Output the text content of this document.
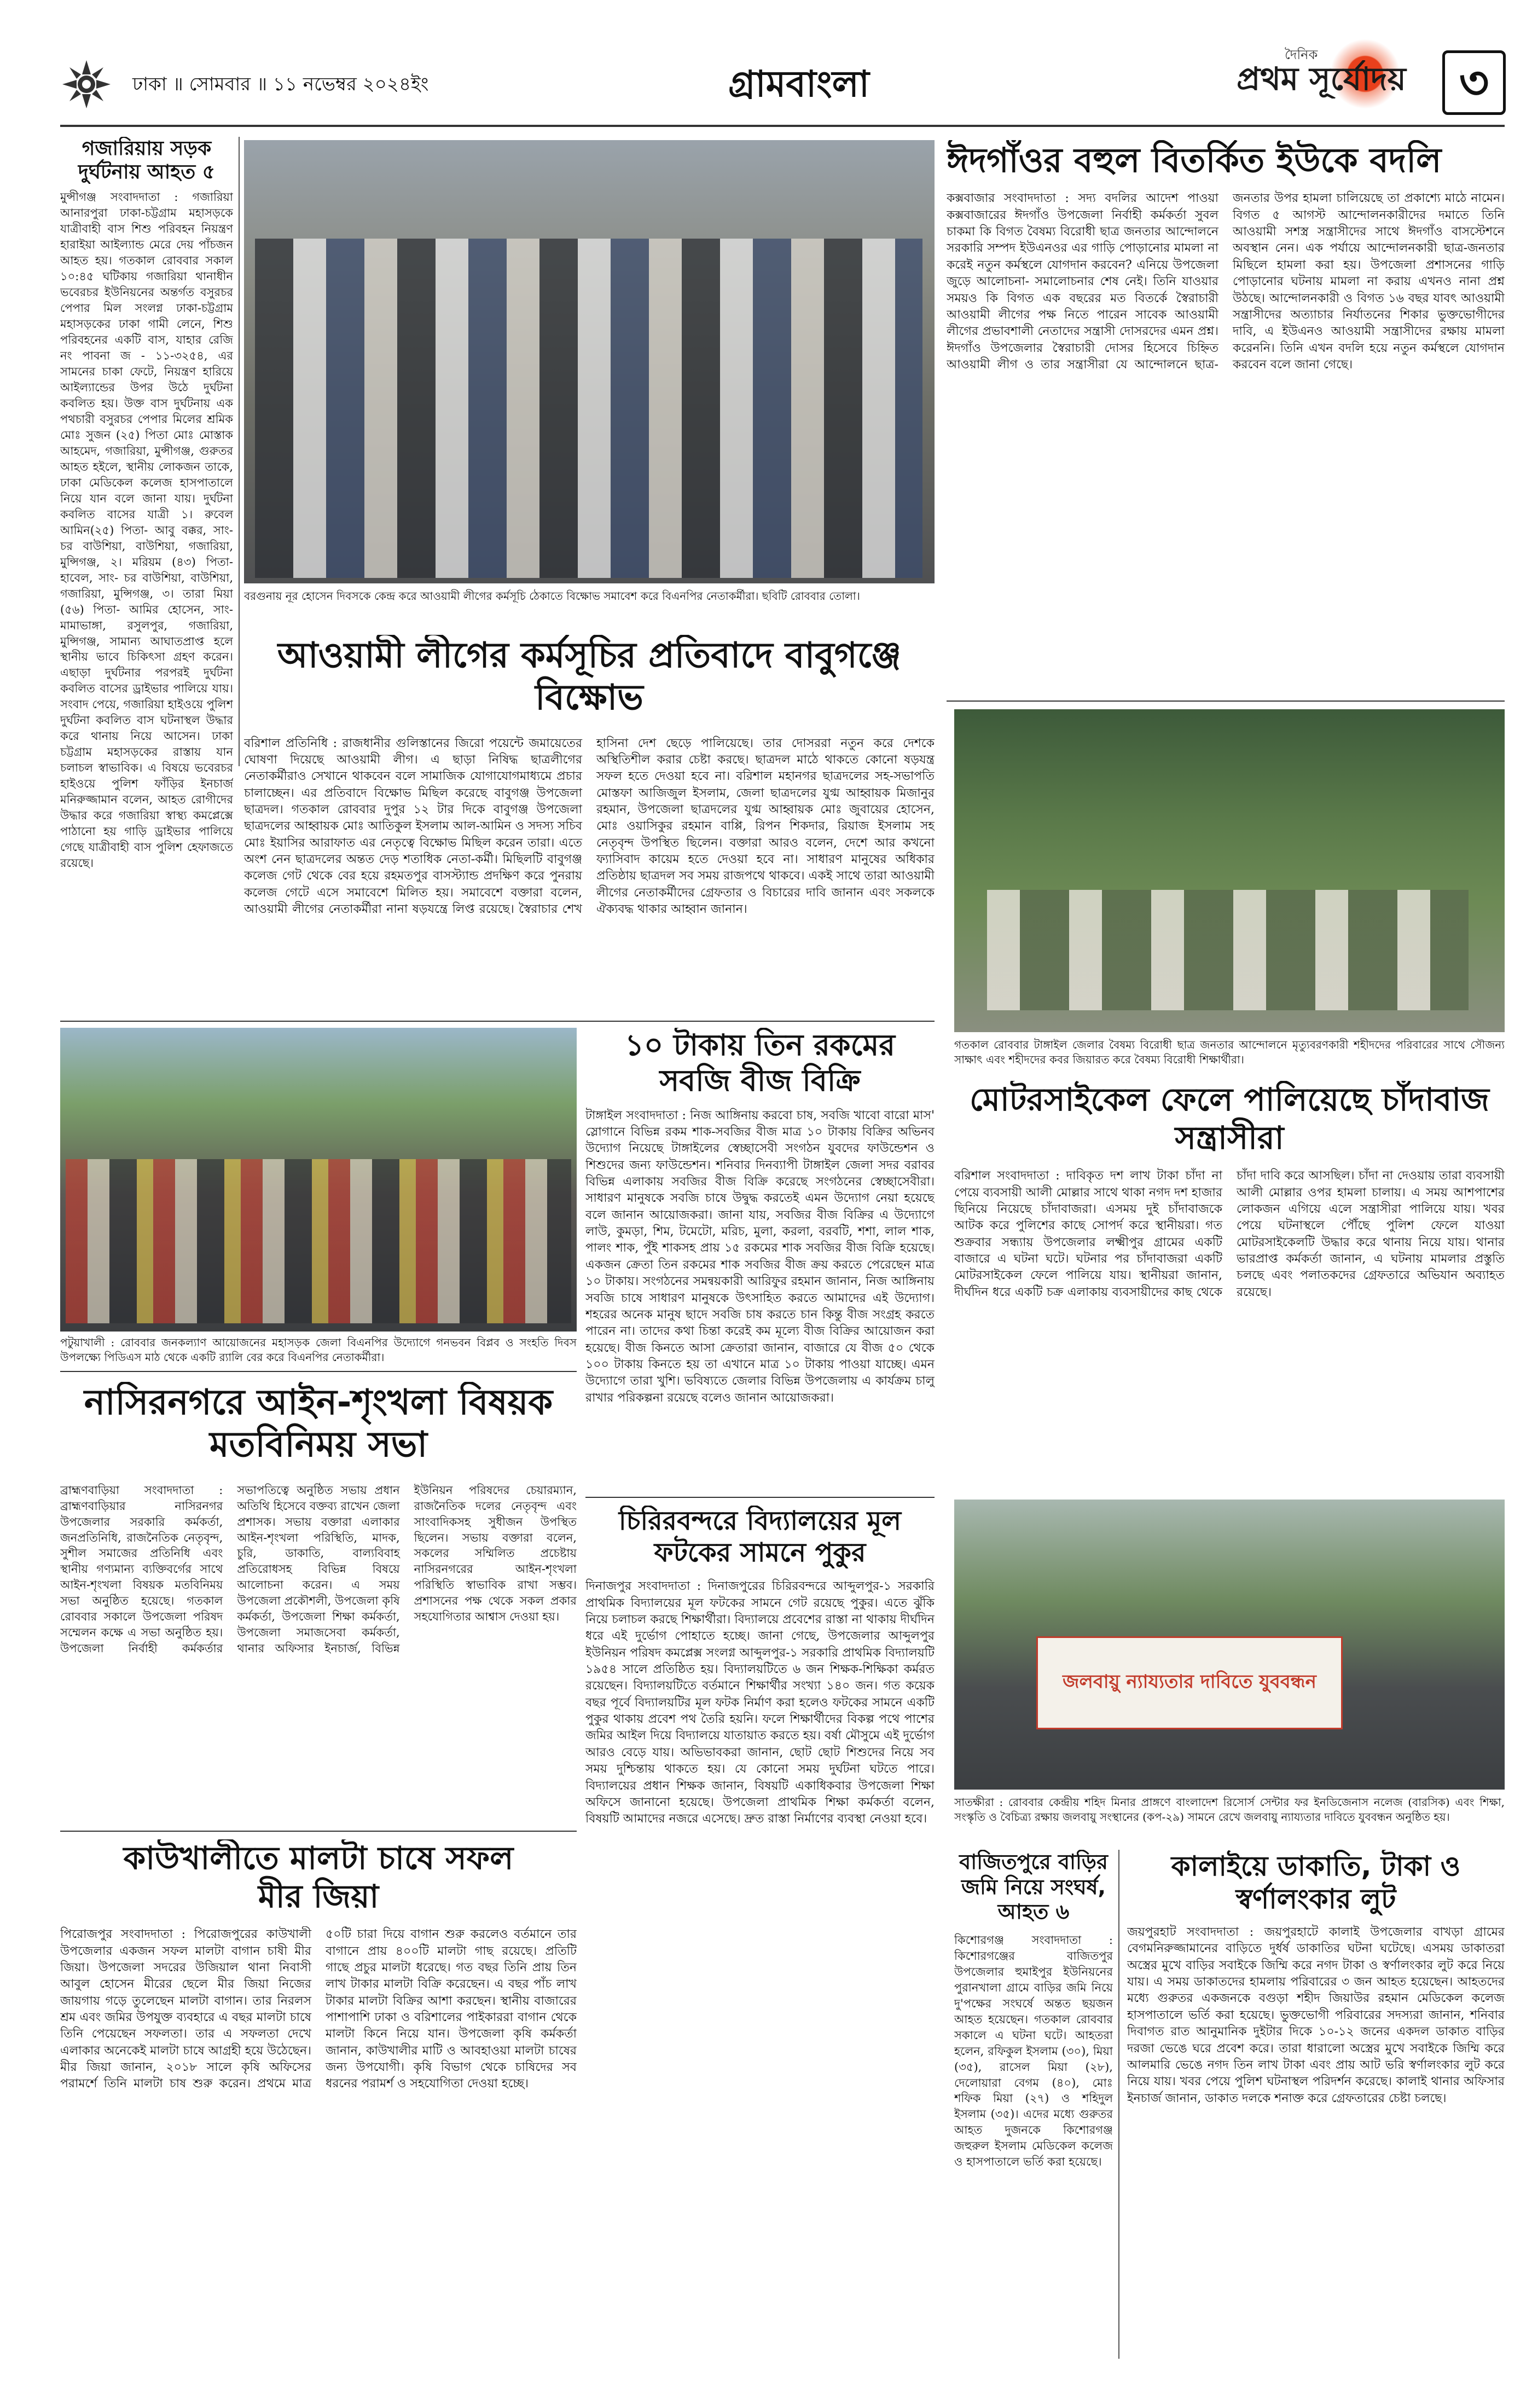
ঢাকা ॥ সোমবার ॥ ১১ নভেম্বর ২০২৪ইং	গ্রামবাংলা
দৈনিক
প্রথম সূর্যোদয়	৩
গজারিয়ায় সড়ক দুর্ঘটনায় আহত ৫
মুন্সীগঞ্জ সংবাদদাতা : গজারিয়া আনারপুরা ঢাকা-চট্টগ্রাম মহাসড়কে যাত্রীবাহী বাস শিশু পরিবহন নিয়ন্ত্রণ হারাইয়া আইল্যান্ড মেরে দেয় পাঁচজন আহত হয়। গতকাল রোববার সকাল ১০:৪৫ ঘটিকায় গজারিয়া থানাধীন ভবেরচর ইউনিয়নের অন্তর্গত বসুরচর পেপার মিল সংলগ্ন ঢাকা-চট্টগ্রাম মহাসড়কের ঢাকা গামী লেনে, শিশু পরিবহনের একটি বাস, যাহার রেজি নং পাবনা জ - ১১-৩২৫৪, এর সামনের চাকা ফেটে, নিয়ন্ত্রণ হারিয়ে আইল্যান্ডের উপর উঠে দুর্ঘটনা কবলিত হয়। উক্ত বাস দুর্ঘটনায় এক পথচারী বসুরচর পেপার মিলের শ্রমিক মোঃ সুজন (২৫) পিতা মোঃ মোস্তাক আহমেদ, গজারিয়া, মুন্সীগঞ্জ, গুরুতর আহত হইলে, স্থানীয় লোকজন তাকে, ঢাকা মেডিকেল কলেজ হাসপাতালে নিয়ে যান বলে জানা যায়। দুর্ঘটনা কবলিত বাসের যাত্রী ১। রুবেল আমিন(২৫) পিতা- আবু বক্কর, সাং- চর বাউশিয়া, বাউশিয়া, গজারিয়া, মুন্সিগঞ্জ, ২। মরিয়ম (৪৩) পিতা- হাবেল, সাং- চর বাউশিয়া, বাউশিয়া, গজারিয়া, মুন্সিগঞ্জ, ৩। তারা মিয়া (৫৬) পিতা- আমির হোসেন, সাং- মামাভাঙ্গা, রসুলপুর, গজারিয়া, মুন্সিগঞ্জ, সামান্য আঘাতপ্রাপ্ত হলে স্থানীয় ভাবে চিকিৎসা গ্রহণ করেন। এছাড়া দুর্ঘটনার পরপরই দুর্ঘটনা কবলিত বাসের ড্রাইভার পালিয়ে যায়। সংবাদ পেয়ে, গজারিয়া হাইওয়ে পুলিশ দুর্ঘটনা কবলিত বাস ঘটনাস্থল উদ্ধার করে থানায় নিয়ে আসেন। ঢাকা চট্টগ্রাম মহাসড়কের রাস্তায় যান চলাচল স্বাভাবিক। এ বিষয়ে ভবেরচর হাইওয়ে পুলিশ ফাঁড়ির ইনচার্জ মনিরুজ্জামান বলেন, আহত রোগীদের উদ্ধার করে গজারিয়া স্বাস্থ্য কমপ্লেক্সে পাঠানো হয় গাড়ি ড্রাইভার পালিয়ে গেছে যাত্রীবাহী বাস পুলিশ হেফাজতে রয়েছে।
বরগুনায় নূর হোসেন দিবসকে কেন্দ্র করে আওয়ামী লীগের কর্মসূচি ঠেকাতে বিক্ষোভ সমাবেশ করে বিএনপির নেতাকর্মীরা। ছবিটি রোববার তোলা।
ঈদগাঁওর বহুল বিতর্কিত ইউকে বদলি
কক্সবাজার সংবাদদাতা : সদ্য বদলির আদেশ পাওয়া কক্সবাজারের ঈদগাঁও উপজেলা নির্বাহী কর্মকর্তা সুবল চাকমা কি বিগত বৈষম্য বিরোধী ছাত্র জনতার আন্দোলনে সরকারি সম্পদ ইউএনওর এর গাড়ি পোড়ানোর মামলা না করেই নতুন কর্মস্থলে যোগদান করবেন? এনিয়ে উপজেলা জুড়ে আলোচনা- সমালোচনার শেষ নেই। তিনি যাওয়ার সময়ও কি বিগত এক বছরের মত বিতর্কে স্বৈরাচারী আওয়ামী লীগের পক্ষ নিতে পারেন সাবেক আওয়ামী লীগের প্রভাবশালী নেতাদের সন্ত্রাসী দোসরদের এমন প্রশ্ন। ঈদগাঁও উপজেলার স্বৈরাচারী দোসর হিসেবে চিহ্নিত আওয়ামী লীগ ও তার সন্ত্রাসীরা যে আন্দোলনে ছাত্র-জনতার উপর হামলা চালিয়েছে তা প্রকাশ্যে মাঠে নামেন। বিগত ৫ আগস্ট আন্দোলনকারীদের দমাতে তিনি আওয়ামী সশস্ত্র সন্ত্রাসীদের সাথে ঈদগাঁও বাসস্টেশনে অবস্থান নেন। এক পর্যায়ে আন্দোলনকারী ছাত্র-জনতার মিছিলে হামলা করা হয়। উপজেলা প্রশাসনের গাড়ি পোড়ানোর ঘটনায় মামলা না করায় এখনও নানা প্রশ্ন উঠছে। আন্দোলনকারী ও বিগত ১৬ বছর যাবৎ আওয়ামী সন্ত্রাসীদের অত্যাচার নির্যাতনের শিকার ভুক্তভোগীদের দাবি, এ ইউএনও আওয়ামী সন্ত্রাসীদের রক্ষায় মামলা করেননি। তিনি এখন বদলি হয়ে নতুন কর্মস্থলে যোগদান করবেন বলে জানা গেছে।
আওয়ামী লীগের কর্মসূচির প্রতিবাদে বাবুগঞ্জে বিক্ষোভ
বরিশাল প্রতিনিধি : রাজধানীর গুলিস্তানের জিরো পয়েন্টে জমায়েতের ঘোষণা দিয়েছে আওয়ামী লীগ। এ ছাড়া নিষিদ্ধ ছাত্রলীগের নেতাকর্মীরাও সেখানে থাকবেন বলে সামাজিক যোগাযোগমাধ্যমে প্রচার চালাচ্ছেন। এর প্রতিবাদে বিক্ষোভ মিছিল করেছে বাবুগঞ্জ উপজেলা ছাত্রদল। গতকাল রোববার দুপুর ১২ টার দিকে বাবুগঞ্জ উপজেলা ছাত্রদলের আহ্বায়ক মোঃ আতিকুল ইসলাম আল-আমিন ও সদস্য সচিব মোঃ ইয়াসির আরাফাত এর নেতৃত্বে বিক্ষোভ মিছিল করেন তারা। এতে অংশ নেন ছাত্রদলের অন্তত দেড় শতাধিক নেতা-কর্মী। মিছিলটি বাবুগঞ্জ কলেজ গেট থেকে বের হয়ে রহমতপুর বাসস্ট্যান্ড প্রদক্ষিণ করে পুনরায় কলেজ গেটে এসে সমাবেশে মিলিত হয়। সমাবেশে বক্তারা বলেন, আওয়ামী লীগের নেতাকর্মীরা নানা ষড়যন্ত্রে লিপ্ত রয়েছে। স্বৈরাচার শেখ হাসিনা দেশ ছেড়ে পালিয়েছে। তার দোসররা নতুন করে দেশকে অস্থিতিশীল করার চেষ্টা করছে। ছাত্রদল মাঠে থাকতে কোনো ষড়যন্ত্র সফল হতে দেওয়া হবে না। বরিশাল মহানগর ছাত্রদলের সহ-সভাপতি মোস্তফা আজিজুল ইসলাম, জেলা ছাত্রদলের যুগ্ম আহ্বায়ক মিজানুর রহমান, উপজেলা ছাত্রদলের যুগ্ম আহ্বায়ক মোঃ জুবায়ের হোসেন, মোঃ ওয়াসিকুর রহমান বাপ্পি, রিপন শিকদার, রিয়াজ ইসলাম সহ নেতৃবৃন্দ উপস্থিত ছিলেন। বক্তারা আরও বলেন, দেশে আর কখনো ফ্যাসিবাদ কায়েম হতে দেওয়া হবে না। সাধারণ মানুষের অধিকার প্রতিষ্ঠায় ছাত্রদল সব সময় রাজপথে থাকবে। একই সাথে তারা আওয়ামী লীগের নেতাকর্মীদের গ্রেফতার ও বিচারের দাবি জানান এবং সকলকে ঐক্যবদ্ধ থাকার আহ্বান জানান।
গতকাল রোববার টাঙ্গাইল জেলার বৈষম্য বিরোধী ছাত্র জনতার আন্দোলনে মৃত্যুবরণকারী শহীদদের পরিবারের সাথে সৌজন্য সাক্ষাৎ এবং শহীদদের কবর জিয়ারত করে বৈষম্য বিরোধী শিক্ষার্থীরা।
পটুয়াখালী : রোববার জনকল্যাণ আয়োজনের মহাসড়ক জেলা বিএনপির উদ্যোগে গনভবন বিপ্লব ও সংহতি দিবস উপলক্ষ্যে পিডিএস মাঠ থেকে একটি র‍্যালি বের করে বিএনপির নেতাকর্মীরা।
১০ টাকায় তিন রকমের সবজি বীজ বিক্রি
টাঙ্গাইল সংবাদদাতা : নিজ আঙ্গিনায় করবো চাষ, সবজি খাবো বারো মাস' স্লোগানে বিভিন্ন রকম শাক-সবজির বীজ মাত্র ১০ টাকায় বিক্রির অভিনব উদ্যোগ নিয়েছে টাঙ্গাইলের স্বেচ্ছাসেবী সংগঠন যুবদের ফাউন্ডেশন ও শিশুদের জন্য ফাউন্ডেশন। শনিবার দিনব্যাপী টাঙ্গাইল জেলা সদর বরাবর বিভিন্ন এলাকায় সবজির বীজ বিক্রি করেছে সংগঠনের স্বেচ্ছাসেবীরা। সাধারণ মানুষকে সবজি চাষে উদ্বুদ্ধ করতেই এমন উদ্যোগ নেয়া হয়েছে বলে জানান আয়োজকরা। জানা যায়, সবজির বীজ বিক্রির এ উদ্যোগে লাউ, কুমড়া, শিম, টমেটো, মরিচ, মুলা, করলা, বরবটি, শশা, লাল শাক, পালং শাক, পুঁই শাকসহ প্রায় ১৫ রকমের শাক সবজির বীজ বিক্রি হয়েছে। একজন ক্রেতা তিন রকমের শাক সবজির বীজ ক্রয় করতে পেরেছেন মাত্র ১০ টাকায়। সংগঠনের সমন্বয়কারী আরিফুর রহমান জানান, নিজ আঙ্গিনায় সবজি চাষে সাধারণ মানুষকে উৎসাহিত করতে আমাদের এই উদ্যোগ। শহরের অনেক মানুষ ছাদে সবজি চাষ করতে চান কিন্তু বীজ সংগ্রহ করতে পারেন না। তাদের কথা চিন্তা করেই কম মূল্যে বীজ বিক্রির আয়োজন করা হয়েছে। বীজ কিনতে আসা ক্রেতারা জানান, বাজারে যে বীজ ৫০ থেকে ১০০ টাকায় কিনতে হয় তা এখানে মাত্র ১০ টাকায় পাওয়া যাচ্ছে। এমন উদ্যোগে তারা খুশি। ভবিষ্যতে জেলার বিভিন্ন উপজেলায় এ কার্যক্রম চালু রাখার পরিকল্পনা রয়েছে বলেও জানান আয়োজকরা।
মোটরসাইকেল ফেলে পালিয়েছে চাঁদাবাজ সন্ত্রাসীরা
বরিশাল সংবাদদাতা : দাবিকৃত দশ লাখ টাকা চাঁদা না পেয়ে ব্যবসায়ী আলী মোল্লার সাথে থাকা নগদ দশ হাজার ছিনিয়ে নিয়েছে চাঁদাবাজরা। এসময় দুই চাঁদাবাজকে আটক করে পুলিশের কাছে সোপর্দ করে স্থানীয়রা। গত শুক্রবার সন্ধ্যায় উপজেলার লক্ষ্মীপুর গ্রামের একটি বাজারে এ ঘটনা ঘটে। ঘটনার পর চাঁদাবাজরা একটি মোটরসাইকেল ফেলে পালিয়ে যায়। স্থানীয়রা জানান, দীর্ঘদিন ধরে একটি চক্র এলাকায় ব্যবসায়ীদের কাছ থেকে চাঁদা দাবি করে আসছিল। চাঁদা না দেওয়ায় তারা ব্যবসায়ী আলী মোল্লার ওপর হামলা চালায়। এ সময় আশপাশের লোকজন এগিয়ে এলে সন্ত্রাসীরা পালিয়ে যায়। খবর পেয়ে ঘটনাস্থলে পৌঁছে পুলিশ ফেলে যাওয়া মোটরসাইকেলটি উদ্ধার করে থানায় নিয়ে যায়। থানার ভারপ্রাপ্ত কর্মকর্তা জানান, এ ঘটনায় মামলার প্রস্তুতি চলছে এবং পলাতকদের গ্রেফতারে অভিযান অব্যাহত রয়েছে।
নাসিরনগরে আইন-শৃংখলা বিষয়ক মতবিনিময় সভা
ব্রাহ্মণবাড়িয়া সংবাদদাতা : ব্রাহ্মণবাড়িয়ার নাসিরনগর উপজেলার সরকারি কর্মকর্তা, জনপ্রতিনিধি, রাজনৈতিক নেতৃবৃন্দ, সুশীল সমাজের প্রতিনিধি এবং স্থানীয় গণ্যমান্য ব্যক্তিবর্গের সাথে আইন-শৃংখলা বিষয়ক মতবিনিময় সভা অনুষ্ঠিত হয়েছে। গতকাল রোববার সকালে উপজেলা পরিষদ সম্মেলন কক্ষে এ সভা অনুষ্ঠিত হয়। উপজেলা নির্বাহী কর্মকর্তার সভাপতিত্বে অনুষ্ঠিত সভায় প্রধান অতিথি হিসেবে বক্তব্য রাখেন জেলা প্রশাসক। সভায় বক্তারা এলাকার আইন-শৃংখলা পরিস্থিতি, মাদক, চুরি, ডাকাতি, বাল্যবিবাহ প্রতিরোধসহ বিভিন্ন বিষয়ে আলোচনা করেন। এ সময় উপজেলা প্রকৌশলী, উপজেলা কৃষি কর্মকর্তা, উপজেলা শিক্ষা কর্মকর্তা, উপজেলা সমাজসেবা কর্মকর্তা, থানার অফিসার ইনচার্জ, বিভিন্ন ইউনিয়ন পরিষদের চেয়ারম্যান, রাজনৈতিক দলের নেতৃবৃন্দ এবং সাংবাদিকসহ সুধীজন উপস্থিত ছিলেন। সভায় বক্তারা বলেন, সকলের সম্মিলিত প্রচেষ্টায় নাসিরনগরের আইন-শৃংখলা পরিস্থিতি স্বাভাবিক রাখা সম্ভব। প্রশাসনের পক্ষ থেকে সকল প্রকার সহযোগিতার আশ্বাস দেওয়া হয়।
চিরিরবন্দরে বিদ্যালয়ের মূল ফটকের সামনে পুকুর
দিনাজপুর সংবাদদাতা : দিনাজপুরের চিরিরবন্দরে আব্দুলপুর-১ সরকারি প্রাথমিক বিদ্যালয়ের মূল ফটকের সামনে গেট রয়েছে পুকুর। এতে ঝুঁকি নিয়ে চলাচল করছে শিক্ষার্থীরা। বিদ্যালয়ে প্রবেশের রাস্তা না থাকায় দীর্ঘদিন ধরে এই দুর্ভোগ পোহাতে হচ্ছে। জানা গেছে, উপজেলার আব্দুলপুর ইউনিয়ন পরিষদ কমপ্লেক্স সংলগ্ন আব্দুলপুর-১ সরকারি প্রাথমিক বিদ্যালয়টি ১৯৫৪ সালে প্রতিষ্ঠিত হয়। বিদ্যালয়টিতে ৬ জন শিক্ষক-শিক্ষিকা কর্মরত রয়েছেন। বিদ্যালয়টিতে বর্তমানে শিক্ষার্থীর সংখ্যা ১৪০ জন। গত কয়েক বছর পূর্বে বিদ্যালয়টির মূল ফটক নির্মাণ করা হলেও ফটকের সামনে একটি পুকুর থাকায় প্রবেশ পথ তৈরি হয়নি। ফলে শিক্ষার্থীদের বিকল্প পথে পাশের জমির আইল দিয়ে বিদ্যালয়ে যাতায়াত করতে হয়। বর্ষা মৌসুমে এই দুর্ভোগ আরও বেড়ে যায়। অভিভাবকরা জানান, ছোট ছোট শিশুদের নিয়ে সব সময় দুশ্চিন্তায় থাকতে হয়। যে কোনো সময় দুর্ঘটনা ঘটতে পারে। বিদ্যালয়ের প্রধান শিক্ষক জানান, বিষয়টি একাধিকবার উপজেলা শিক্ষা অফিসে জানানো হয়েছে। উপজেলা প্রাথমিক শিক্ষা কর্মকর্তা বলেন, বিষয়টি আমাদের নজরে এসেছে। দ্রুত রাস্তা নির্মাণের ব্যবস্থা নেওয়া হবে।
জলবায়ু ন্যায্যতার দাবিতে যুববন্ধন
সাতক্ষীরা : রোববার কেন্দ্রীয় শহিদ মিনার প্রাঙ্গণে বাংলাদেশ রিসোর্স সেন্টার ফর ইনডিজেনাস নলেজ (বারসিক) এবং শিক্ষা, সংস্কৃতি ও বৈচিত্র্য রক্ষায় জলবায়ু সংস্থানের (কপ-২৯) সামনে রেখে জলবায়ু ন্যায্যতার দাবিতে যুববন্ধন অনুষ্ঠিত হয়।
কাউখালীতে মালটা চাষে সফল মীর জিয়া
পিরোজপুর সংবাদদাতা : পিরোজপুরের কাউখালী উপজেলার একজন সফল মালটা বাগান চাষী মীর জিয়া। উপজেলা সদরের উজিয়াল থানা নিবাসী আবুল হোসেন মীরের ছেলে মীর জিয়া নিজের জায়গায় গড়ে তুলেছেন মালটা বাগান। তার নিরলস শ্রম এবং জমির উপযুক্ত ব্যবহারে এ বছর মালটা চাষে তিনি পেয়েছেন সফলতা। তার এ সফলতা দেখে এলাকার অনেকেই মালটা চাষে আগ্রহী হয়ে উঠেছেন। মীর জিয়া জানান, ২০১৮ সালে কৃষি অফিসের পরামর্শে তিনি মালটা চাষ শুরু করেন। প্রথমে মাত্র ৫০টি চারা দিয়ে বাগান শুরু করলেও বর্তমানে তার বাগানে প্রায় ৪০০টি মালটা গাছ রয়েছে। প্রতিটি গাছে প্রচুর মালটা ধরেছে। গত বছর তিনি প্রায় তিন লাখ টাকার মালটা বিক্রি করেছেন। এ বছর পাঁচ লাখ টাকার মালটা বিক্রির আশা করছেন। স্থানীয় বাজারের পাশাপাশি ঢাকা ও বরিশালের পাইকাররা বাগান থেকে মালটা কিনে নিয়ে যান। উপজেলা কৃষি কর্মকর্তা জানান, কাউখালীর মাটি ও আবহাওয়া মালটা চাষের জন্য উপযোগী। কৃষি বিভাগ থেকে চাষিদের সব ধরনের পরামর্শ ও সহযোগিতা দেওয়া হচ্ছে।
বাজিতপুরে বাড়ির জমি নিয়ে সংঘর্ষ, আহত ৬
কিশোরগঞ্জ সংবাদদাতা : কিশোরগঞ্জের বাজিতপুর উপজেলার হুমাইপুর ইউনিয়নের পুরানখালা গ্রামে বাড়ির জমি নিয়ে দু'পক্ষের সংঘর্ষে অন্তত ছয়জন আহত হয়েছেন। গতকাল রোববার সকালে এ ঘটনা ঘটে। আহতরা হলেন, রফিকুল ইসলাম (৩০), মিয়া (৩৫), রাসেল মিয়া (২৮), দেলোয়ারা বেগম (৪০), মোঃ শফিক মিয়া (২৭) ও শহিদুল ইসলাম (৩৫)। এদের মধ্যে গুরুতর আহত দুজনকে কিশোরগঞ্জ জহুরুল ইসলাম মেডিকেল কলেজ ও হাসপাতালে ভর্তি করা হয়েছে।
কালাইয়ে ডাকাতি, টাকা ও স্বর্ণালংকার লুট
জয়পুরহাট সংবাদদাতা : জয়পুরহাটে কালাই উপজেলার বাখড়া গ্রামের বেগমনিরুজ্জামানের বাড়িতে দুর্ধর্ষ ডাকাতির ঘটনা ঘটেছে। এসময় ডাকাতরা অস্ত্রের মুখে বাড়ির সবাইকে জিম্মি করে নগদ টাকা ও স্বর্ণালংকার লুট করে নিয়ে যায়। এ সময় ডাকাতদের হামলায় পরিবারের ৩ জন আহত হয়েছেন। আহতদের মধ্যে গুরুতর একজনকে বগুড়া শহীদ জিয়াউর রহমান মেডিকেল কলেজ হাসপাতালে ভর্তি করা হয়েছে। ভুক্তভোগী পরিবারের সদস্যরা জানান, শনিবার দিবাগত রাত আনুমানিক দুইটার দিকে ১০-১২ জনের একদল ডাকাত বাড়ির দরজা ভেঙে ঘরে প্রবেশ করে। তারা ধারালো অস্ত্রের মুখে সবাইকে জিম্মি করে আলমারি ভেঙে নগদ তিন লাখ টাকা এবং প্রায় আট ভরি স্বর্ণালংকার লুট করে নিয়ে যায়। খবর পেয়ে পুলিশ ঘটনাস্থল পরিদর্শন করেছে। কালাই থানার অফিসার ইনচার্জ জানান, ডাকাত দলকে শনাক্ত করে গ্রেফতারের চেষ্টা চলছে।
